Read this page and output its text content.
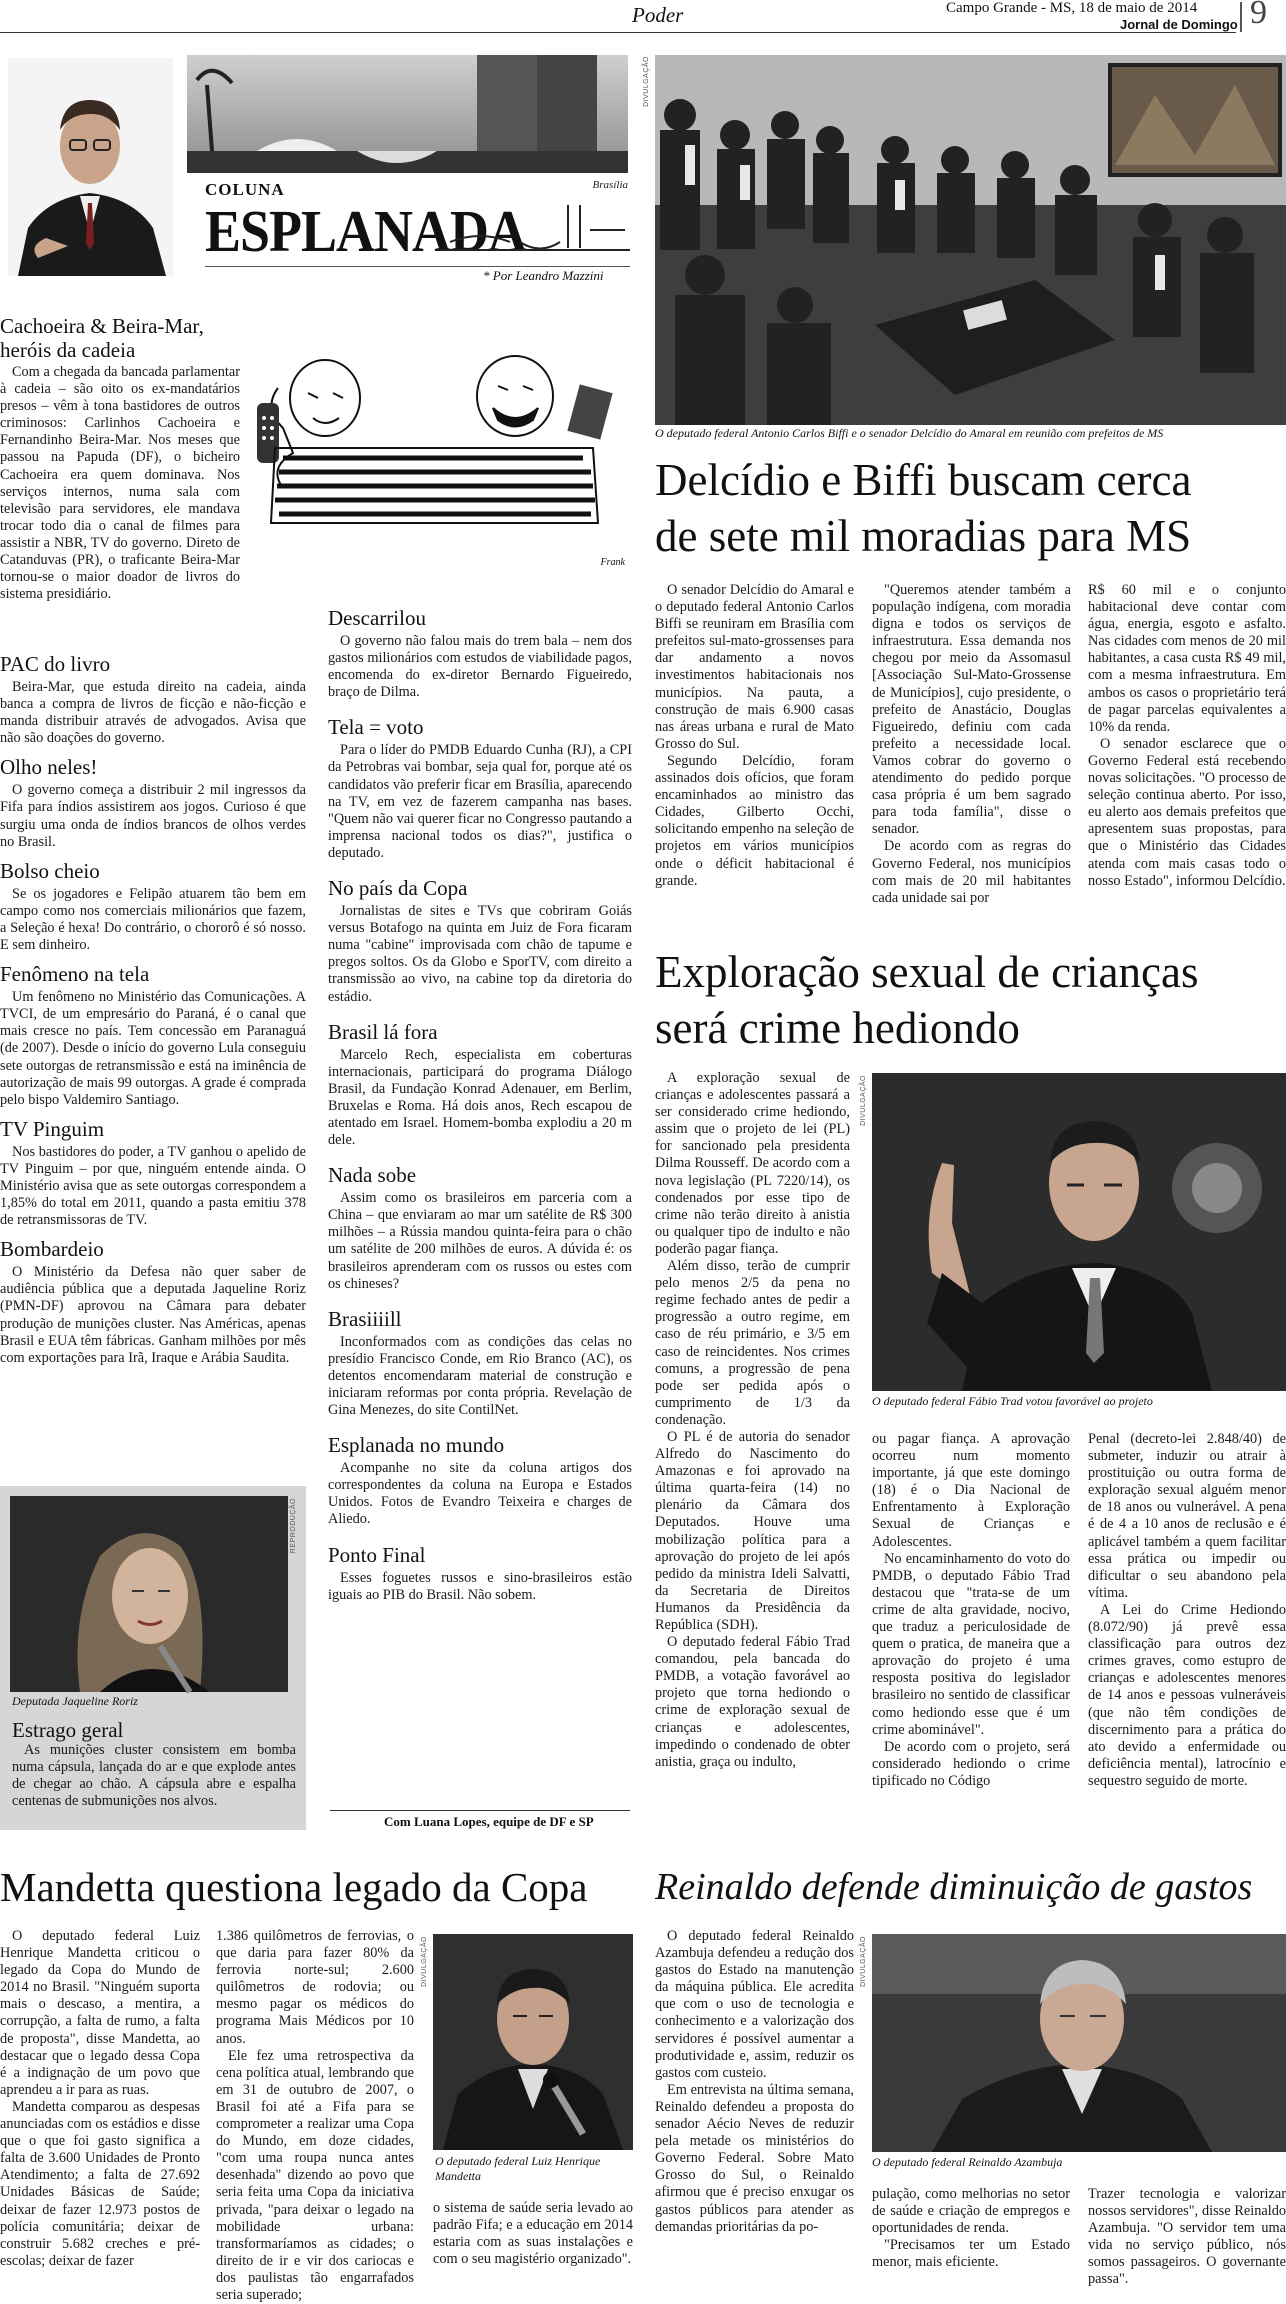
Poder	Campo Grande - MS, 18 de maio de 2014
Jornal de Domingo 9
Brasília
COLUNA
ESPLANADA
* Por Leandro Mazzini
Frank
Cachoeira & Beira-Mar, heróis da cadeia

Com a chegada da bancada parlamentar à cadeia – são oito os ex-mandatários presos – vêm à tona bastidores de outros criminosos: Carlinhos Cachoeira e Fernandinho Beira-Mar. Nos meses que passou na Papuda (DF), o bicheiro Cachoeira era quem dominava. Nos serviços internos, numa sala com televisão para servidores, ele mandava trocar todo dia o canal de filmes para assistir a NBR, TV do governo. Direto de Catanduvas (PR), o traficante Beira-Mar tornou-se o maior doador de livros do sistema presidiário.

PAC do livro

Beira-Mar, que estuda direito na cadeia, ainda banca a compra de livros de ficção e não-ficção e manda distribuir através de advogados. Avisa que não são doações do governo.

Olho neles!

O governo começa a distribuir 2 mil ingressos da Fifa para índios assistirem aos jogos. Curioso é que surgiu uma onda de índios brancos de olhos verdes no Brasil.

Bolso cheio

Se os jogadores e Felipão atuarem tão bem em campo como nos comerciais milionários que fazem, a Seleção é hexa! Do contrário, o chororô é só nosso. E sem dinheiro.

Fenômeno na tela

Um fenômeno no Ministério das Comunicações. A TVCI, de um empresário do Paraná, é o canal que mais cresce no país. Tem concessão em Paranaguá (de 2007). Desde o início do governo Lula conseguiu sete outorgas de retransmissão e está na iminência de autorização de mais 99 outorgas. A grade é comprada pelo bispo Valdemiro Santiago.

TV Pinguim

Nos bastidores do poder, a TV ganhou o apelido de TV Pinguim – por que, ninguém entende ainda. O Ministério avisa que as sete outorgas correspondem a 1,85% do total em 2011, quando a pasta emitiu 378 de retransmissoras de TV.

Bombardeio

O Ministério da Defesa não quer saber de audiência pública que a deputada Jaqueline Roriz (PMN-DF) aprovou na Câmara para debater produção de munições cluster. Nas Américas, apenas Brasil e EUA têm fábricas. Ganham milhões por mês com exportações para Irã, Iraque e Arábia Saudita.

REPRODUÇÃO
Deputada Jaqueline Roriz
Estrago geral

As munições cluster consistem em bomba numa cápsula, lançada do ar e que explode antes de chegar ao chão. A cápsula abre e espalha centenas de submunições nos alvos.

Descarrilou

O governo não falou mais do trem bala – nem dos gastos milionários com estudos de viabilidade pagos, encomenda do ex-diretor Bernardo Figueiredo, braço de Dilma.

Tela = voto

Para o líder do PMDB Eduardo Cunha (RJ), a CPI da Petrobras vai bombar, seja qual for, porque até os candidatos vão preferir ficar em Brasília, aparecendo na TV, em vez de fazerem campanha nas bases. "Quem não vai querer ficar no Congresso pautando a imprensa nacional todos os dias?", justifica o deputado.

No país da Copa

Jornalistas de sites e TVs que cobriram Goiás versus Botafogo na quinta em Juiz de Fora ficaram numa "cabine" improvisada com chão de tapume e pregos soltos. Os da Globo e SporTV, com direito a transmissão ao vivo, na cabine top da diretoria do estádio.

Brasil lá fora

Marcelo Rech, especialista em coberturas internacionais, participará do programa Diálogo Brasil, da Fundação Konrad Adenauer, em Berlim, Bruxelas e Roma. Há dois anos, Rech escapou de atentado em Israel. Homem-bomba explodiu a 20 m dele.

Nada sobe

Assim como os brasileiros em parceria com a China – que enviaram ao mar um satélite de R$ 300 milhões – a Rússia mandou quinta-feira para o chão um satélite de 200 milhões de euros. A dúvida é: os brasileiros aprenderam com os russos ou estes com os chineses?

Brasiiiill

Inconformados com as condições das celas no presídio Francisco Conde, em Rio Branco (AC), os detentos encomendaram material de construção e iniciaram reformas por conta própria. Revelação de Gina Menezes, do site ContilNet.

Esplanada no mundo

Acompanhe no site da coluna artigos dos correspondentes da coluna na Europa e Estados Unidos. Fotos de Evandro Teixeira e charges de Aliedo.

Ponto Final

Esses foguetes russos e sino-brasileiros estão iguais ao PIB do Brasil. Não sobem.

Com Luana Lopes, equipe de DF e SP
DIVULGAÇÃO
O deputado federal Antonio Carlos Biffi e o senador Delcídio do Amaral em reunião com prefeitos de MS
Delcídio e Biffi buscam cerca
de sete mil moradias para MS

O senador Delcídio do Amaral e o deputado federal Antonio Carlos Biffi se reuniram em Brasília com prefeitos sul-mato-grossenses para dar andamento a novos investimentos habitacionais nos municípios. Na pauta, a construção de mais 6.900 casas nas áreas urbana e rural de Mato Grosso do Sul.

Segundo Delcídio, foram assinados dois ofícios, que foram encaminhados ao ministro das Cidades, Gilberto Occhi, solicitando empenho na seleção de projetos em vários municípios onde o déficit habitacional é grande.

"Queremos atender também a população indígena, com moradia digna e todos os serviços de infraestrutura. Essa demanda nos chegou por meio da Assomasul [Associação Sul-Mato-Grossense de Municípios], cujo presidente, o prefeito de Anastácio, Douglas Figueiredo, definiu com cada prefeito a necessidade local. Vamos cobrar do governo o atendimento do pedido porque casa própria é um bem sagrado para toda família", disse o senador.

De acordo com as regras do Governo Federal, nos municípios com mais de 20 mil habitantes cada unidade sai por

R$ 60 mil e o conjunto habitacional deve contar com água, energia, esgoto e asfalto. Nas cidades com menos de 20 mil habitantes, a casa custa R$ 49 mil, com a mesma infraestrutura. Em ambos os casos o proprietário terá de pagar parcelas equivalentes a 10% da renda.

O senador esclarece que o Governo Federal está recebendo novas solicitações. "O processo de seleção continua aberto. Por isso, eu alerto aos demais prefeitos que apresentem suas propostas, para que o Ministério das Cidades atenda com mais casas todo o nosso Estado", informou Delcídio.

Exploração sexual de crianças
será crime hediondo

A exploração sexual de crianças e adolescentes passará a ser considerado crime hediondo, assim que o projeto de lei (PL) for sancionado pela presidenta Dilma Rousseff. De acordo com a nova legislação (PL 7220/14), os condenados por esse tipo de crime não terão direito à anistia ou qualquer tipo de indulto e não poderão pagar fiança.

Além disso, terão de cumprir pelo menos 2/5 da pena no regime fechado antes de pedir a progressão a outro regime, em caso de réu primário, e 3/5 em caso de reincidentes. Nos crimes comuns, a progressão de pena pode ser pedida após o cumprimento de 1/3 da condenação.

O PL é de autoria do senador Alfredo do Nascimento do Amazonas e foi aprovado na última quarta-feira (14) no plenário da Câmara dos Deputados. Houve uma mobilização política para a aprovação do projeto de lei após pedido da ministra Ideli Salvatti, da Secretaria de Direitos Humanos da Presidência da República (SDH).

O deputado federal Fábio Trad comandou, pela bancada do PMDB, a votação favorável ao projeto que torna hediondo o crime de exploração sexual de crianças e adolescentes, impedindo o condenado de obter anistia, graça ou indulto,

DIVULGAÇÃO
O deputado federal Fábio Trad votou favorável ao projeto

ou pagar fiança. A aprovação ocorreu num momento importante, já que este domingo (18) é o Dia Nacional de Enfrentamento à Exploração Sexual de Crianças e Adolescentes.

No encaminhamento do voto do PMDB, o deputado Fábio Trad destacou que "trata-se de um crime de alta gravidade, nocivo, que traduz a periculosidade de quem o pratica, de maneira que a aprovação do projeto é uma resposta positiva do legislador brasileiro no sentido de classificar como hediondo esse que é um crime abominável".

De acordo com o projeto, será considerado hediondo o crime tipificado no Código

Penal (decreto-lei 2.848/40) de submeter, induzir ou atrair à prostituição ou outra forma de exploração sexual alguém menor de 18 anos ou vulnerável. A pena é de 4 a 10 anos de reclusão e é aplicável também a quem facilitar essa prática ou impedir ou dificultar o seu abandono pela vítima.

A Lei do Crime Hediondo (8.072/90) já prevê essa classificação para outros dez crimes graves, como estupro de crianças e adolescentes menores de 14 anos e pessoas vulneráveis (que não têm condições de discernimento para a prática do ato devido a enfermidade ou deficiência mental), latrocínio e sequestro seguido de morte.

Mandetta questiona legado da Copa

O deputado federal Luiz Henrique Mandetta criticou o legado da Copa do Mundo de 2014 no Brasil. "Ninguém suporta mais o descaso, a mentira, a corrupção, a falta de rumo, a falta de proposta", disse Mandetta, ao destacar que o legado dessa Copa é a indignação de um povo que aprendeu a ir para as ruas.

Mandetta comparou as despesas anunciadas com os estádios e disse que o que foi gasto significa a falta de 3.600 Unidades de Pronto Atendimento; a falta de 27.692 Unidades Básicas de Saúde; deixar de fazer 12.973 postos de polícia comunitária; deixar de construir 5.682 creches e pré-escolas; deixar de fazer

1.386 quilômetros de ferrovias, o que daria para fazer 80% da ferrovia norte-sul; 2.600 quilômetros de rodovia; ou mesmo pagar os médicos do programa Mais Médicos por 10 anos.

Ele fez uma retrospectiva da cena política atual, lembrando que em 31 de outubro de 2007, o Brasil foi até a Fifa para se comprometer a realizar uma Copa do Mundo, em doze cidades, "com uma roupa nunca antes desenhada" dizendo ao povo que seria feita uma Copa da iniciativa privada, "para deixar o legado na mobilidade urbana: transformaríamos as cidades; o direito de ir e vir dos cariocas e dos paulistas tão engarrafados seria superado;

DIVULGAÇÃO
O deputado federal Luiz Henrique Mandetta

o sistema de saúde seria levado ao padrão Fifa; e a educação em 2014 estaria com as suas instalações e com o seu magistério organizado".

Reinaldo defende diminuição de gastos

O deputado federal Reinaldo Azambuja defendeu a redução dos gastos do Estado na manutenção da máquina pública. Ele acredita que com o uso de tecnologia e conhecimento e a valorização dos servidores é possível aumentar a produtividade e, assim, reduzir os gastos com custeio.

Em entrevista na última semana, Reinaldo defendeu a proposta do senador Aécio Neves de reduzir pela metade os ministérios do Governo Federal. Sobre Mato Grosso do Sul, o Reinaldo afirmou que é preciso enxugar os gastos públicos para atender as demandas prioritárias da po-

DIVULGAÇÃO
O deputado federal Reinaldo Azambuja

pulação, como melhorias no setor de saúde e criação de empregos e oportunidades de renda.

"Precisamos ter um Estado menor, mais eficiente.

Trazer tecnologia e valorizar nossos servidores", disse Reinaldo Azambuja. "O servidor tem uma vida no serviço público, nós somos passageiros. O governante passa".
